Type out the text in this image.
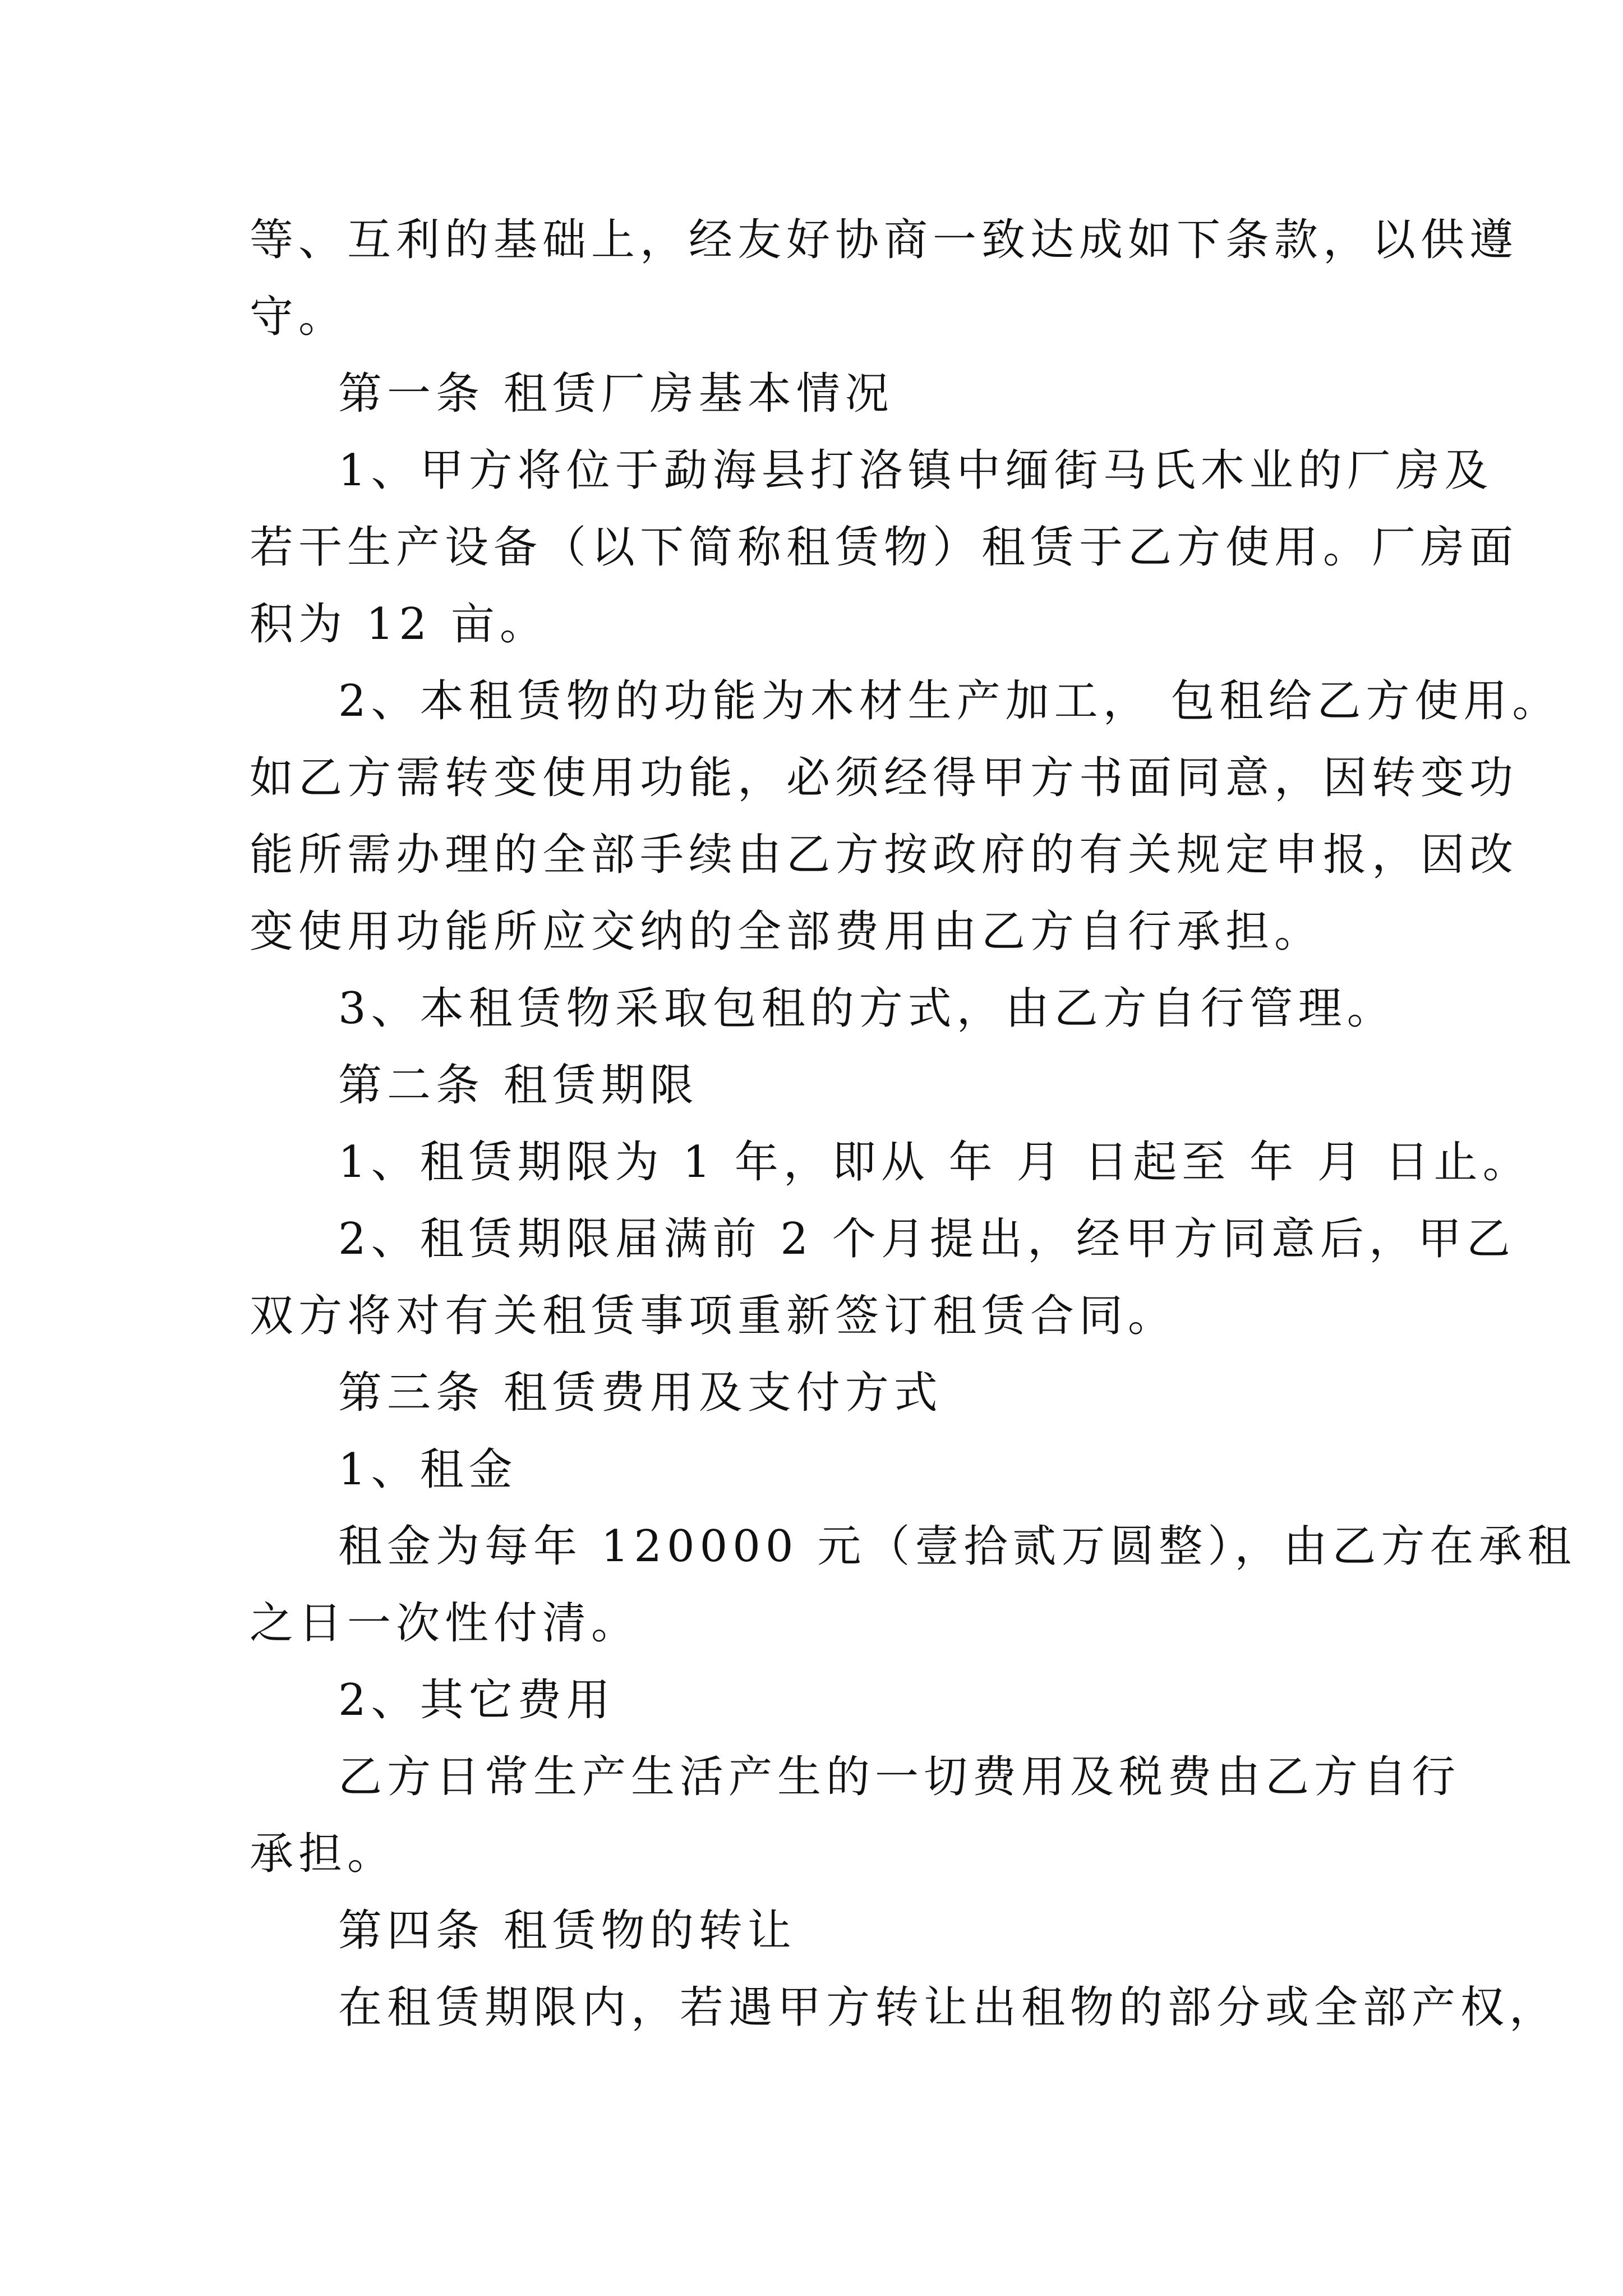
等、互利的基础上，经友好协商一致达成如下条款，以供遵

守。

第一条 租赁厂房基本情况

1、甲方将位于勐海县打洛镇中缅街马氏木业的厂房及

若干生产设备（以下简称租赁物）租赁于乙方使用。厂房面

积为 12 亩。

2、本租赁物的功能为木材生产加工， 包租给乙方使用。

如乙方需转变使用功能，必须经得甲方书面同意，因转变功

能所需办理的全部手续由乙方按政府的有关规定申报，因改

变使用功能所应交纳的全部费用由乙方自行承担。

3、本租赁物采取包租的方式，由乙方自行管理。

第二条 租赁期限

1、租赁期限为 1 年，即从 年 月 日起至 年 月 日止。

2、租赁期限届满前 2 个月提出，经甲方同意后，甲乙

双方将对有关租赁事项重新签订租赁合同。

第三条 租赁费用及支付方式

1、租金

租金为每年 120000 元（壹拾贰万圆整），由乙方在承租

之日一次性付清。

2、其它费用

乙方日常生产生活产生的一切费用及税费由乙方自行

承担。

第四条 租赁物的转让

在租赁期限内，若遇甲方转让出租物的部分或全部产权，
